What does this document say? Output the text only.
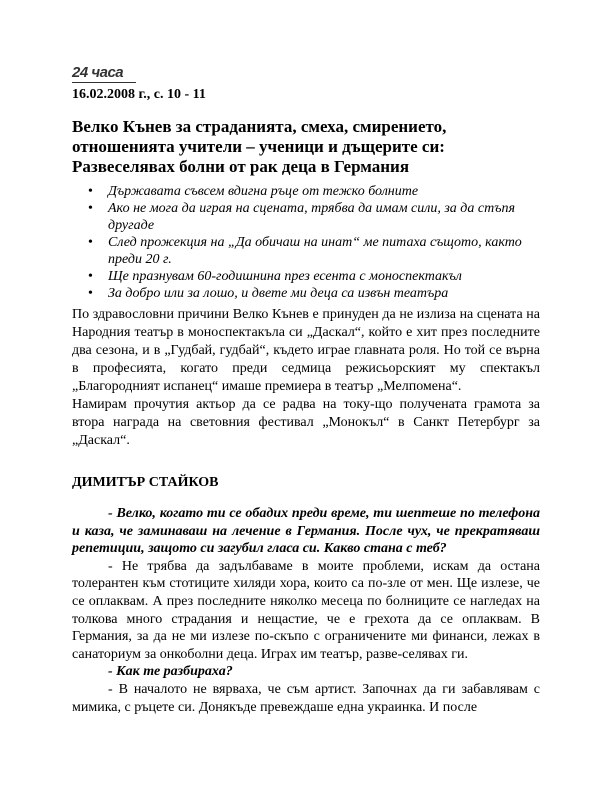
24 часа
16.02.2008 г., с. 10 - 11
Велко Кънев за страданията, смеха, смирението, отношенията учители – ученици и дъщерите си: Развеселявах болни от рак деца в Германия
• Държавата съвсем вдигна ръце от тежко болните
• Ако не мога да играя на сцената, трябва да имам сили, за да стъпя другаде
• След прожекция на „Да обичаш на инат“ ме питаха същото, както преди 20 г.
• Ще празнувам 60-годишнина през есента с моноспектакъл
• За добро или за лошо, и двете ми деца са извън театъра

По здравословни причини Велко Кънев е принуден да не излиза на сцената на Народния театър в моноспектакъла си „Даскал“, който е хит през последните два сезона, и в „Гудбай, гудбай“, където играе главната роля. Но той се върна в професията, когато преди седмица режисьорският му спектакъл „Благородният испанец“ имаше премиера в театър „Мелпомена“.

Намирам прочутия актьор да се радва на току-що получената грамота за втора награда на световния фестивал „Монокъл“ в Санкт Петербург за „Даскал“.

ДИМИТЪР СТАЙКОВ

- Велко, когато ти се обадих преди време, ти шептеше по телефона и каза, че заминаваш на лечение в Германия. После чух, че прекратяваш репетиции, защото си загубил гласа си. Какво стана с теб?

- Не трябва да задълбаваме в моите проблеми, искам да остана толерантен към стотиците хиляди хора, които са по-зле от мен. Ще излезе, че се оплаквам. А през последните няколко месеца по болниците се нагледах на толкова много страдания и нещастие, че е грехота да се оплаквам. В Германия, за да не ми излезе по-скъпо с ограничените ми финанси, лежах в санаториум за онкоболни деца. Играх им театър, разве-селявах ги.

- Как те разбираха?

- В началото не вярваха, че съм артист. Започнах да ги забавлявам с мимика, с ръцете си. Донякъде превеждаше една украинка. И после
